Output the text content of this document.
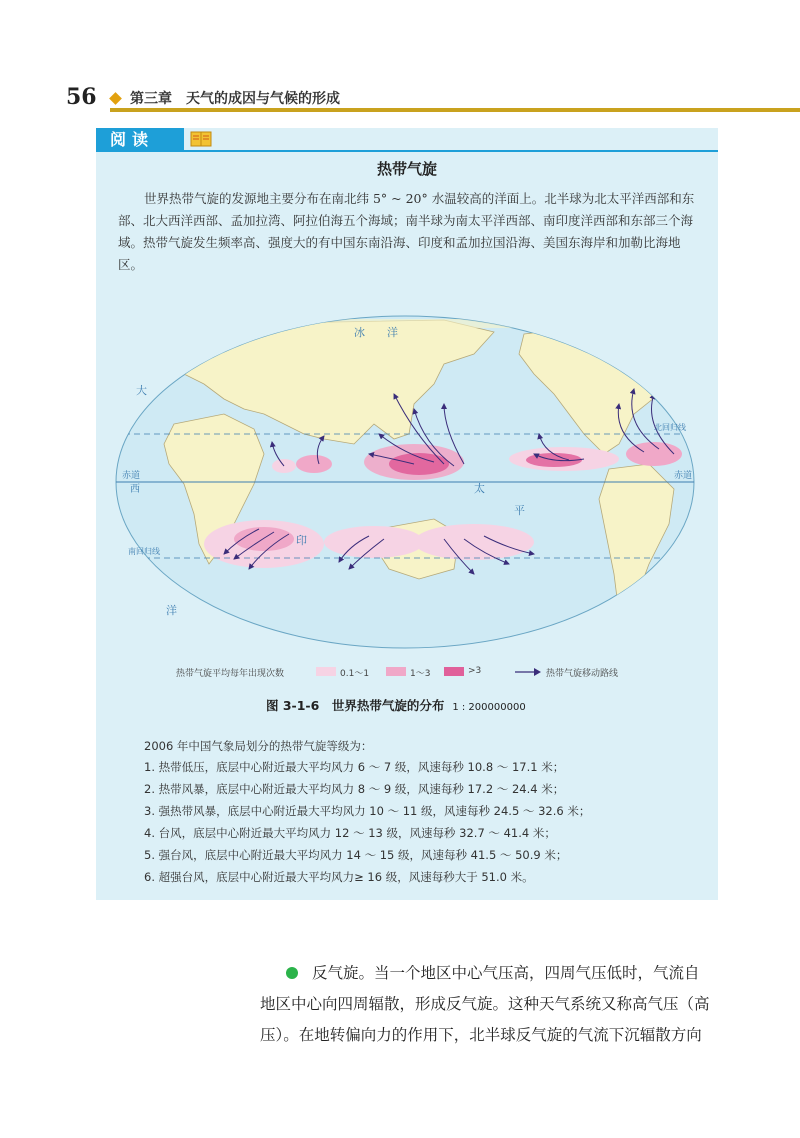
56 第三章　天气的成因与气候的形成
阅读
热带气旋

世界热带气旋的发源地主要分布在南北纬 5° ~ 20° 水温较高的洋面上。北半球为北太平洋西部和东部、北大西洋西部、孟加拉湾、阿拉伯海五个海域；南半球为南太平洋西部、南印度洋西部和东部三个海域。热带气旋发生频率高、强度大的有中国东南沿海、印度和孟加拉国沿海、美国东海岸和加勒比海地区。

冰　　洋
大
印
太
平
洋
赤道	赤道
北回归线
南回归线
西
热带气旋平均每年出现次数	0.1～1	1～3	>3	热带气旋移动路线
图 3-1-6　世界热带气旋的分布 1 : 200000000
2006 年中国气象局划分的热带气旋等级为：
1. 热带低压，底层中心附近最大平均风力 6 ～ 7 级，风速每秒 10.8 ～ 17.1 米；
2. 热带风暴，底层中心附近最大平均风力 8 ～ 9 级，风速每秒 17.2 ～ 24.4 米；
3. 强热带风暴，底层中心附近最大平均风力 10 ～ 11 级，风速每秒 24.5 ～ 32.6 米；
4. 台风，底层中心附近最大平均风力 12 ～ 13 级，风速每秒 32.7 ～ 41.4 米；
5. 强台风，底层中心附近最大平均风力 14 ～ 15 级，风速每秒 41.5 ～ 50.9 米；
6. 超强台风，底层中心附近最大平均风力≥ 16 级，风速每秒大于 51.0 米。
反气旋。当一个地区中心气压高，四周气压低时，气流自
地区中心向四周辐散，形成反气旋。这种天气系统又称高气压（高
压）。在地转偏向力的作用下，北半球反气旋的气流下沉辐散方向
